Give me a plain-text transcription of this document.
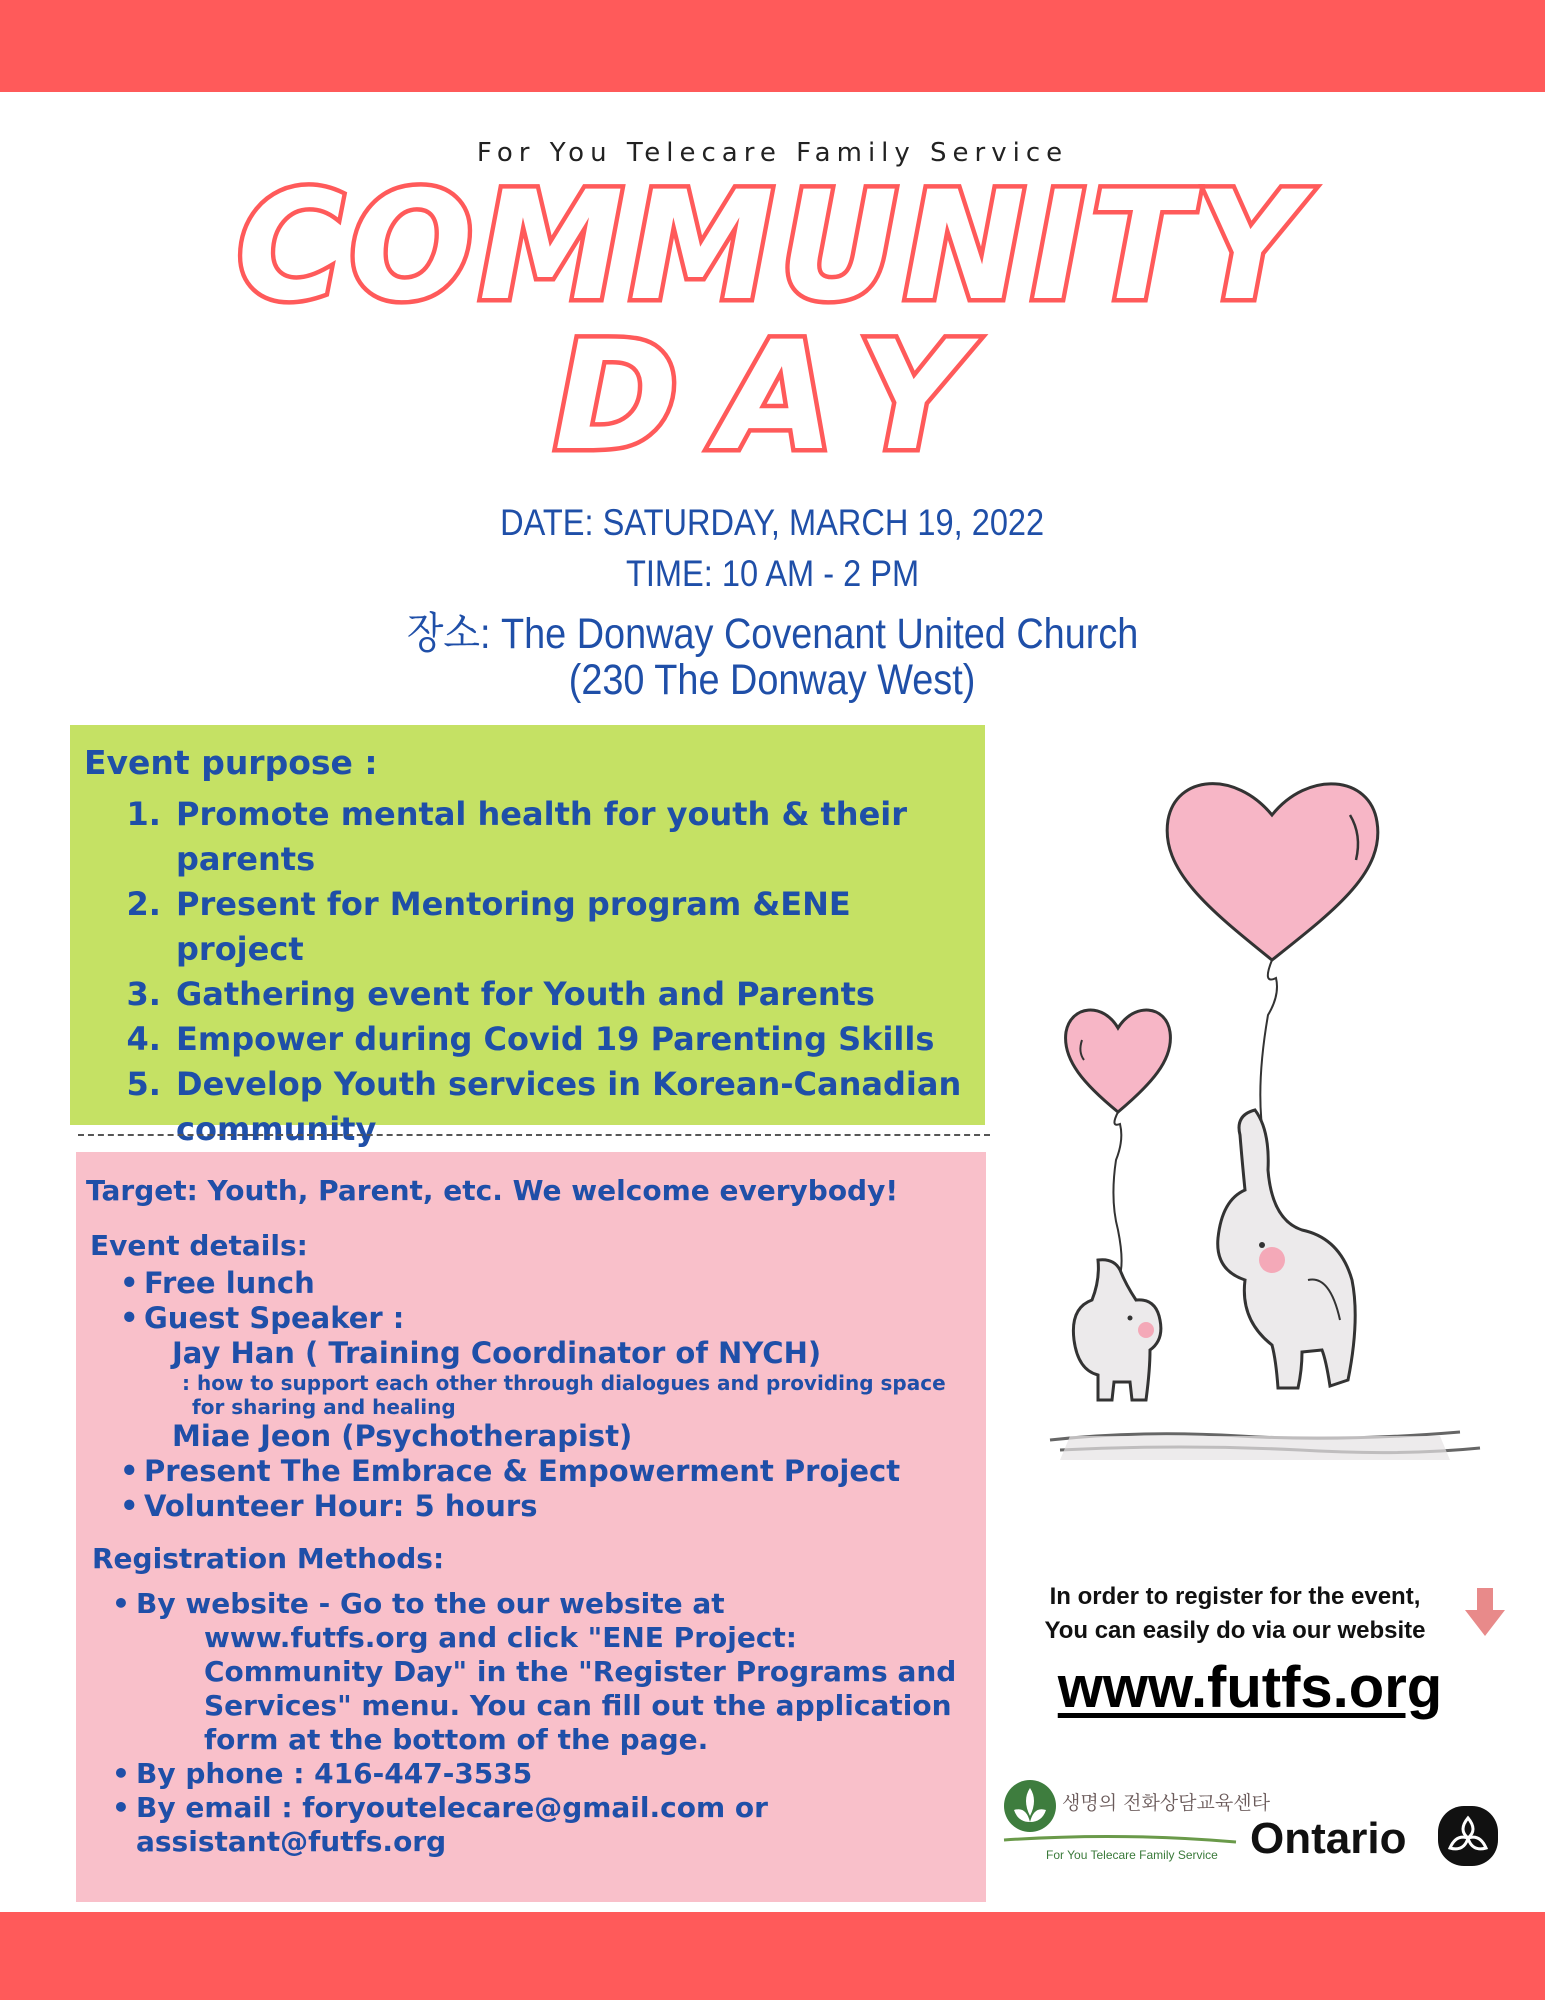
For You Telecare Family Service
COMMUNITY
DAY
DATE: SATURDAY, MARCH 19, 2022
TIME: 10 AM - 2 PM
장소: The Donway Covenant United Church
(230 The Donway West)
Event purpose :
1. Promote mental health for youth & their parents
2. Present for Mentoring program &ENE project
3. Gathering event for Youth and Parents
4. Empower during Covid 19 Parenting Skills
5. Develop Youth services in Korean-Canadian community
Target: Youth, Parent, etc. We welcome everybody!
Event details:
• Free lunch
• Guest Speaker :
Jay Han ( Training Coordinator of NYCH)
: how to support each other through dialogues and providing space for sharing and healing
Miae Jeon (Psychotherapist)
• Present The Embrace & Empowerment Project
• Volunteer Hour: 5 hours
Registration Methods:
• By website - Go to the our website at
www.futfs.org and click "ENE Project: Community Day" in the "Register Programs and Services" menu. You can fill out the application form at the bottom of the page.
• By phone : 416-447-3535
• By email : foryoutelecare@gmail.com or assistant@futfs.org
In order to register for the event,
You can easily do via our website
www.futfs.org
생명의 전화상담교육센타
For You Telecare Family Service Ontario
